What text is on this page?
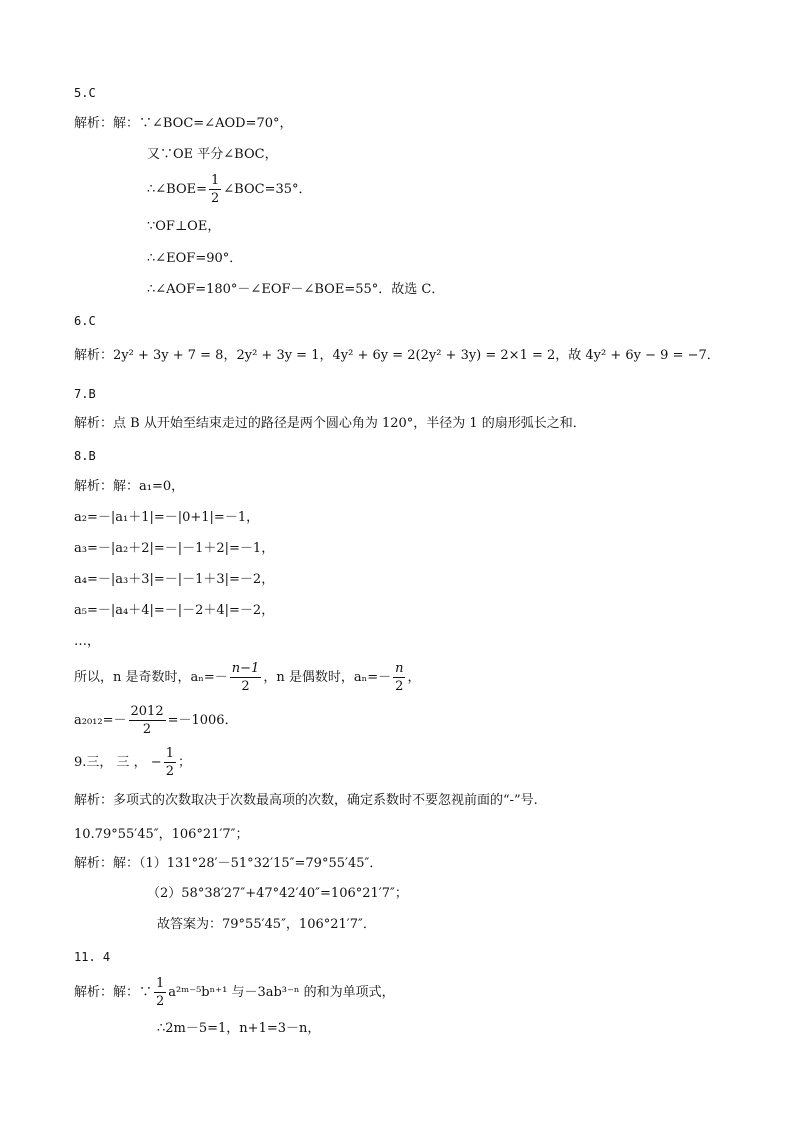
5.C
解析：解：∵∠BOC=∠AOD=70°，
又∵OE 平分∠BOC，
∴∠BOE= $\frac{1}{2}$ ∠BOC=35°．
∵OF⊥OE，
∴∠EOF=90°．
∴∠AOF=180°－∠EOF－∠BOE=55°．故选 C．
6.C
解析：2y² + 3y + 7 = 8，2y² + 3y = 1，4y² + 6y = 2(2y² + 3y) = 2×1 = 2，故 4y² + 6y − 9 = −7．
7.B
解析：点 B 从开始至结束走过的路径是两个圆心角为 120°，半径为 1 的扇形弧长之和．
8.B
解析：解：a₁=0，
a₂=－|a₁＋1|=－|0+1|=－1，
a₃=－|a₂＋2|=－|－1＋2|=－1，
a₄=－|a₃＋3|=－|－1＋3|=－2，
a₅=－|a₄＋4|=－|－2＋4|=－2，
…，
所以，n 是奇数时，$a_n=- \frac{n-1}{2}$ ，n 是偶数时，$a_n=- \frac{n}{2}$ ，
$a_{2012}=- \frac{2012}{2} =-1006$．
9.三， 三 ， − $\frac{1}{2}$ ；
解析：多项式的次数取决于次数最高项的次数，确定系数时不要忽视前面的“-”号.
10.79°55′45″，106°21′7″；
解析：解：（1）131°28′－51°32′15″=79°55′45″．
（2）58°38′27″+47°42′40″=106°21′7″；
故答案为：79°55′45″，106°21′7″．
11. 4
解析：解：∵ $\frac{1}{2}$ a²ᵐ⁻⁵bⁿ⁺¹ 与－3ab³⁻ⁿ 的和为单项式，
∴2m－5=1，n+1=3－n，
